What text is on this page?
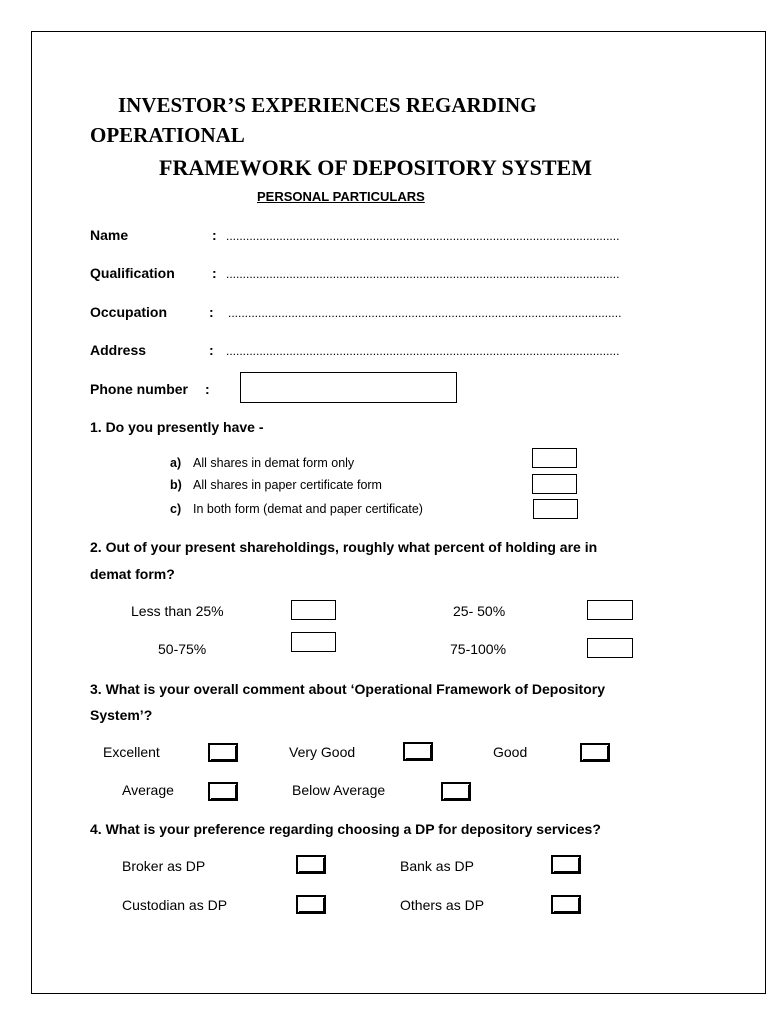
INVESTOR’S EXPERIENCES REGARDING
OPERATIONAL
FRAMEWORK OF DEPOSITORY SYSTEM
PERSONAL PARTICULARS
Name	: ......................................................................................................................
Qualification	: ......................................................................................................................
Occupation	: ......................................................................................................................
Address	: ......................................................................................................................
Phone number :
1. Do you presently have -
a) All shares in demat form only
b) All shares in paper certificate form
c) In both form (demat and paper certificate)
2. Out of your present shareholdings, roughly what percent of holding are in
demat form?
Less than 25%	25- 50%
50-75%	75-100%
3. What is your overall comment about ‘Operational Framework of Depository
System’?
Excellent	Very Good	Good
Average	Below Average
4. What is your preference regarding choosing a DP for depository services?
Broker as DP	Bank as DP
Custodian as DP	Others as DP
